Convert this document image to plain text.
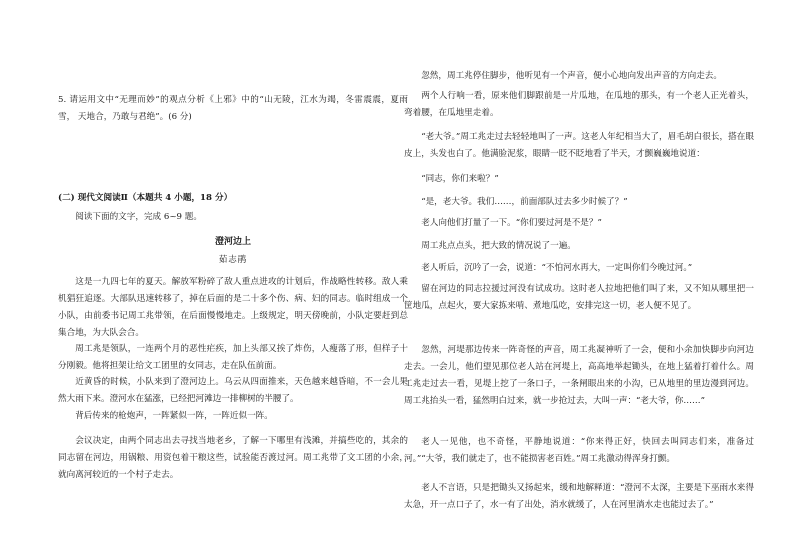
5. 请运用文中“无理而妙”的观点分析《上邪》中的“山无陵，江水为竭，冬雷震震，夏雨雪， 天地合，乃敢与君绝”。(6 分)

(二) 现代文阅读Ⅱ（本题共 4 小题，18 分）

阅读下面的文字，完成 6~9 题。

澄河边上
茹志鹃

这是一九四七年的夏天。解放军粉碎了敌人重点进攻的计划后，作战略性转移。敌人乘机猖狂追逐。大部队迅速转移了，掉在后面的是二十多个伤、病、妇的同志。临时组成一个小队，由前委书记周工兆带领，在后面慢慢地走。上级规定，明天傍晚前，小队定要赶到总集合地，为大队会合。

周工兆是领队，一连两个月的恶性疟疾，加上头部又挨了炸伤，人瘦落了形，但样子十分刚毅。他将担架让给文工团里的女同志，走在队伍前面。

近黄昏的时候，小队来到了澄河边上。乌云从四面推来，天色越来越昏暗，不一会儿果然大雨下来。澄河水在猛涨，已经把河滩边一排柳树的半腰了。

背后传来的枪炮声，一阵紧似一阵，一阵近似一阵。

会议决定，由两个同志出去寻找当地老乡，了解一下哪里有浅滩，并搞些吃的，其余的同志留在河边，用锅粮、用资包着干粮这些，试验能否渡过河。周工兆带了文工团的小余，就向离河较近的一个村子走去。

忽然，周工兆停住脚步，他听见有一个声音，便小心地向发出声音的方向走去。

两个人行响一看，原来他们脚跟前是一片瓜地，在瓜地的那头，有一个老人正光着头，弯着腰，在瓜地里走着。

“老大爷。”周工兆走过去轻轻地叫了一声。这老人年纪相当大了，眉毛胡白很长，搭在眼皮上，头发也白了。他满脸泥浆，眼睛一眨不眨地看了半天，才颤巍巍地说道：

“同志，你们来啦？”

“是，老大爷。我们……，前面部队过去多少时候了？”

老人向他们打量了一下。“你们要过河是不是？”

周工兆点点头，把大致的情况说了一遍。

老人听后，沉吟了一会，说道：“不怕河水再大，一定叫你们今晚过河。”

留在河边的同志拉援过河没有试成功。这时老人拉地把他们叫了来，又不知从哪里把一筐地瓜，点起火，要大家拣来啃、煮地瓜吃，安排完这一切，老人便不见了。

忽然，河堤那边传来一阵奇怪的声音，周工兆凝神听了一会，便和小余加快脚步向河边走去。一会儿，他们望见那位老人站在河堤上，高高地举起锄头，在地上猛着打着什么。周工兆走过去一看，见堤上挖了一条口子，一条闸眼出来的小沟，已从地里的里边漫到河边。周工兆抬头一看，猛然明白过来，就一步抢过去，大叫一声：“老大爷，你……”

老人一见他，也不奇怪，平静地说道：“你来得正好，快回去叫同志们来，准备过河。”“大爷，我们就走了，也不能损害老百姓。”周工兆激动得浑身打颤。

老人不言语，只是把锄头又扬起来，缓和地解释道：“澄河不太深，主要是下巫雨水来得太急，开一点口子了，水一有了出处，消水就缓了，人在河里淌水走也能过去了。”
